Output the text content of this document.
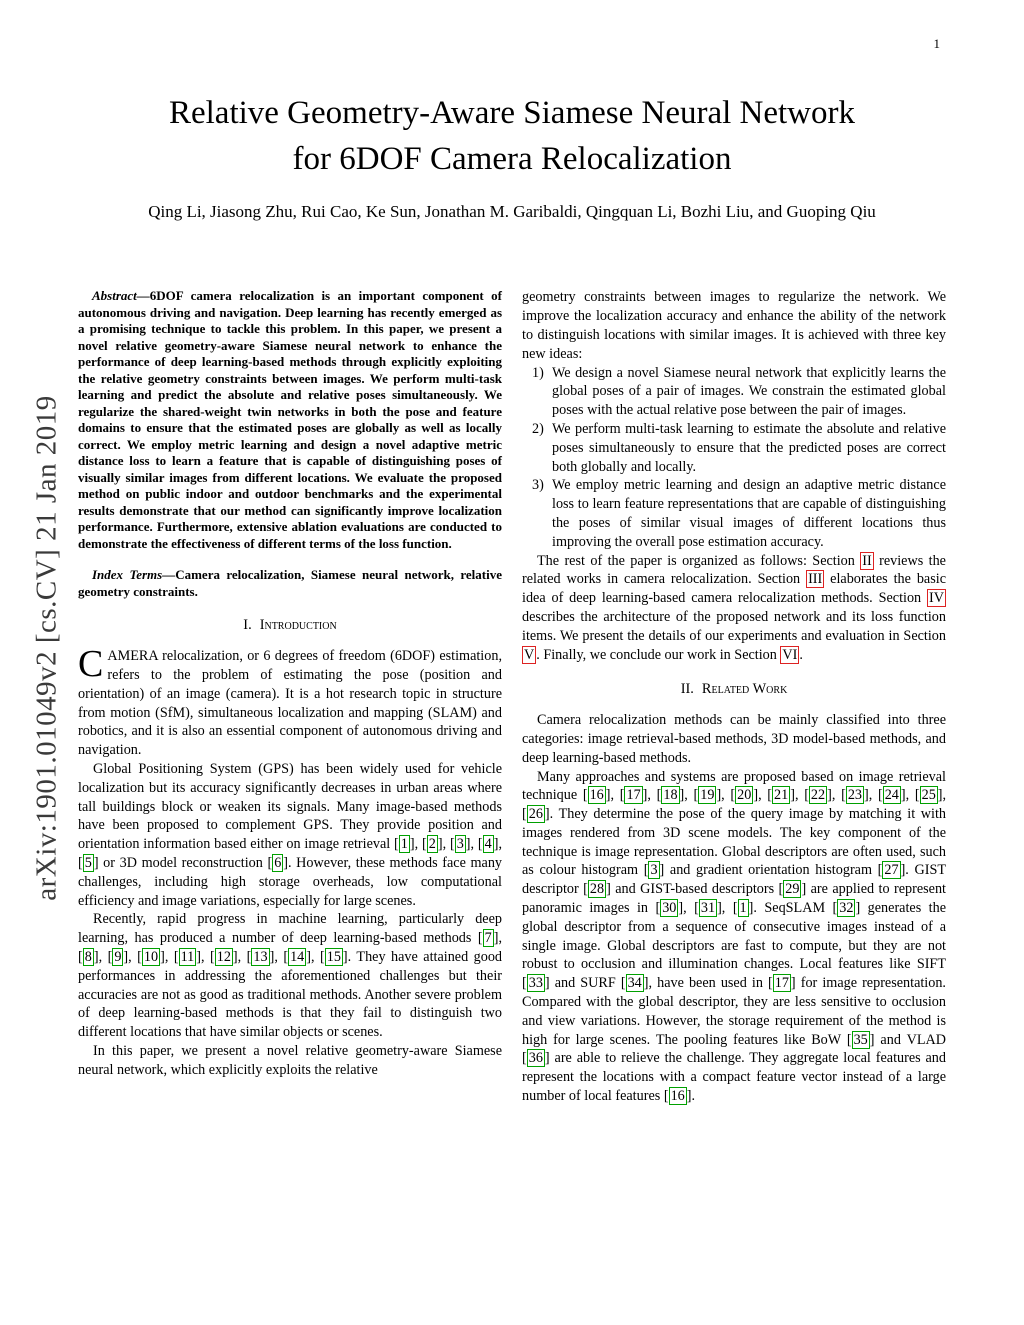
1
arXiv:1901.01049v2 [cs.CV] 21 Jan 2019
Relative Geometry-Aware Siamese Neural Network
for 6DOF Camera Relocalization
Qing Li, Jiasong Zhu, Rui Cao, Ke Sun, Jonathan M. Garibaldi, Qingquan Li, Bozhi Liu, and Guoping Qiu

Abstract—6DOF camera relocalization is an important component of autonomous driving and navigation. Deep learning has recently emerged as a promising technique to tackle this problem. In this paper, we present a novel relative geometry-aware Siamese neural network to enhance the performance of deep learning-based methods through explicitly exploiting the relative geometry constraints between images. We perform multi-task learning and predict the absolute and relative poses simultaneously. We regularize the shared-weight twin networks in both the pose and feature domains to ensure that the estimated poses are globally as well as locally correct. We employ metric learning and design a novel adaptive metric distance loss to learn a feature that is capable of distinguishing poses of visually similar images from different locations. We evaluate the proposed method on public indoor and outdoor benchmarks and the experimental results demonstrate that our method can significantly improve localization performance. Furthermore, extensive ablation evaluations are conducted to demonstrate the effectiveness of different terms of the loss function.

Index Terms—Camera relocalization, Siamese neural network, relative geometry constraints.

I. Introduction

CAMERA relocalization, or 6 degrees of freedom (6DOF) estimation, refers to the problem of estimating the pose (position and orientation) of an image (camera). It is a hot research topic in structure from motion (SfM), simultaneous localization and mapping (SLAM) and robotics, and it is also an essential component of autonomous driving and navigation.

Global Positioning System (GPS) has been widely used for vehicle localization but its accuracy significantly decreases in urban areas where tall buildings block or weaken its signals. Many image-based methods have been proposed to complement GPS. They provide position and orientation information based either on image retrieval [ 1 ], [ 2 ], [ 3 ], [ 4 ], [ 5 ] or 3D model reconstruction [ 6 ]. However, these methods face many challenges, including high storage overheads, low computational efficiency and image variations, especially for large scenes.

Recently, rapid progress in machine learning, particularly deep learning, has produced a number of deep learning-based methods [ 7 ], [ 8 ], [ 9 ], [ 10 ], [ 11 ], [ 12 ], [ 13 ], [ 14 ], [ 15 ]. They have attained good performances in addressing the aforementioned challenges but their accuracies are not as good as traditional methods. Another severe problem of deep learning-based methods is that they fail to distinguish two different locations that have similar objects or scenes.

In this paper, we present a novel relative geometry-aware Siamese neural network, which explicitly exploits the relative

geometry constraints between images to regularize the network. We improve the localization accuracy and enhance the ability of the network to distinguish locations with similar images. It is achieved with three key new ideas:

1) We design a novel Siamese neural network that explicitly learns the global poses of a pair of images. We constrain the estimated global poses with the actual relative pose between the pair of images.
2) We perform multi-task learning to estimate the absolute and relative poses simultaneously to ensure that the predicted poses are correct both globally and locally.
3) We employ metric learning and design an adaptive metric distance loss to learn feature representations that are capable of distinguishing the poses of similar visual images of different locations thus improving the overall pose estimation accuracy.

The rest of the paper is organized as follows: Section II reviews the related works in camera relocalization. Section III elaborates the basic idea of deep learning-based camera relocalization methods. Section IV describes the architecture of the proposed network and its loss function items. We present the details of our experiments and evaluation in Section V . Finally, we conclude our work in Section VI .

II. Related Work

Camera relocalization methods can be mainly classified into three categories: image retrieval-based methods, 3D model-based methods, and deep learning-based methods.

Many approaches and systems are proposed based on image retrieval technique [ 16 ], [ 17 ], [ 18 ], [ 19 ], [ 20 ], [ 21 ], [ 22 ], [ 23 ], [ 24 ], [ 25 ], [ 26 ]. They determine the pose of the query image by matching it with images rendered from 3D scene models. The key component of the technique is image representation. Global descriptors are often used, such as colour histogram [ 3 ] and gradient orientation histogram [ 27 ]. GIST descriptor [ 28 ] and GIST-based descriptors [ 29 ] are applied to represent panoramic images in [ 30 ], [ 31 ], [ 1 ]. SeqSLAM [ 32 ] generates the global descriptor from a sequence of consecutive images instead of a single image. Global descriptors are fast to compute, but they are not robust to occlusion and illumination changes. Local features like SIFT [ 33 ] and SURF [ 34 ], have been used in [ 17 ] for image representation. Compared with the global descriptor, they are less sensitive to occlusion and view variations. However, the storage requirement of the method is high for large scenes. The pooling features like BoW [ 35 ] and VLAD [ 36 ] are able to relieve the challenge. They aggregate local features and represent the locations with a compact feature vector instead of a large number of local features [ 16 ].
